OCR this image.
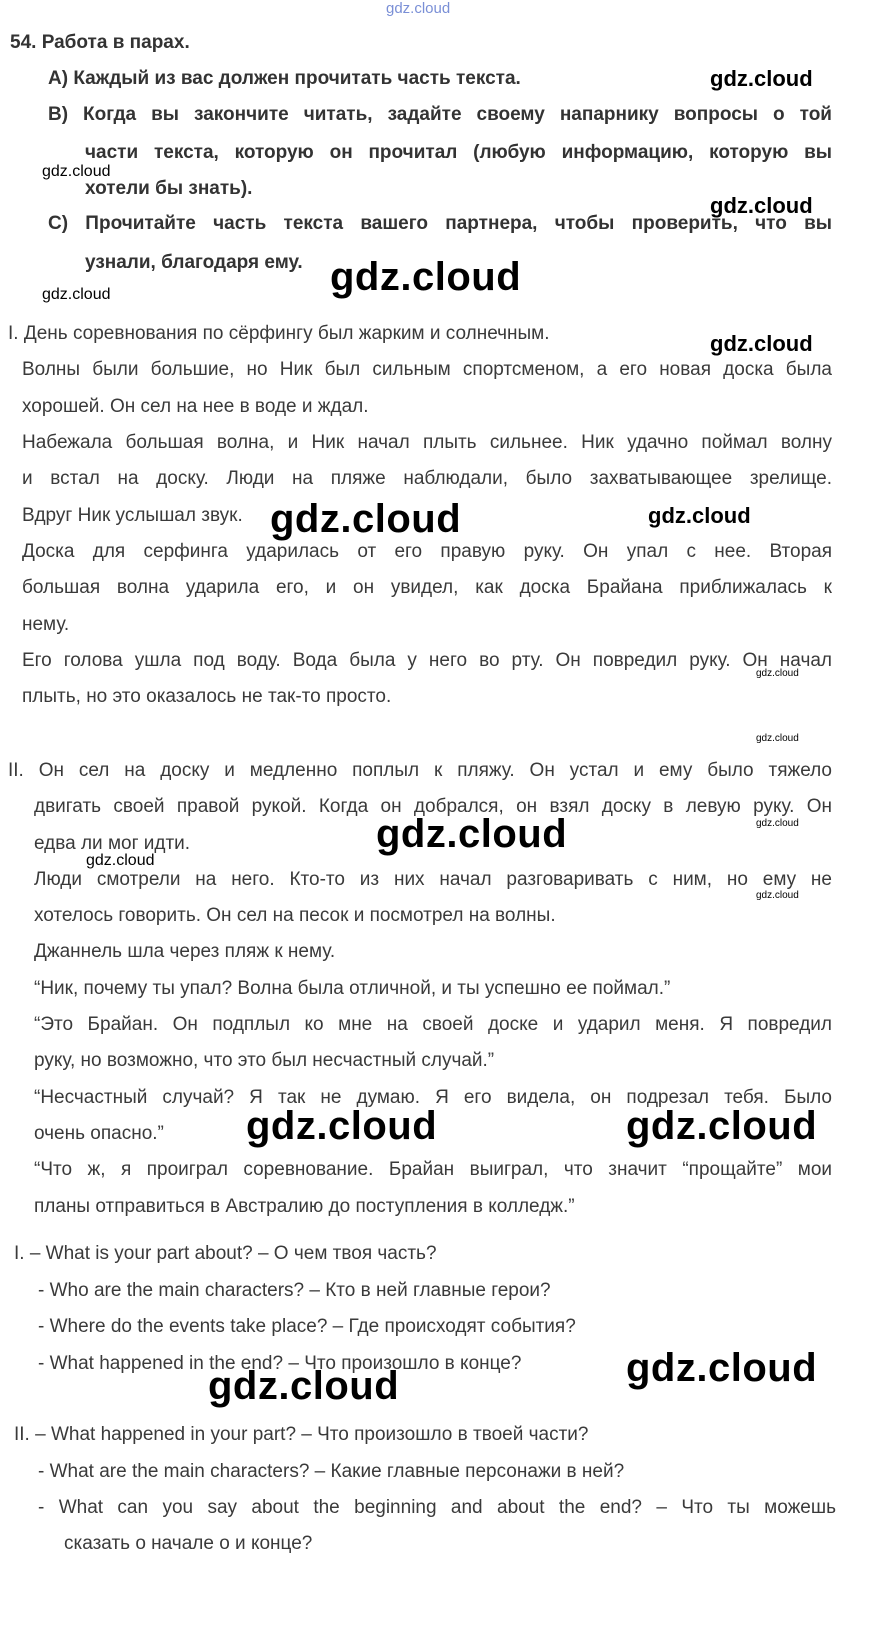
gdz.cloud
54. Работа в парах.
А) Каждый из вас должен прочитать часть текста.
В) Когда вы закончите читать, задайте своему напарнику вопросы о той
части текста, которую он прочитал (любую информацию, которую вы
хотели бы знать).
С) Прочитайте часть текста вашего партнера, чтобы проверить, что вы
узнали, благодаря ему.
I. День соревнования по сёрфингу был жарким и солнечным.
Волны были большие, но Ник был сильным спортсменом, а его новая доска была
хорошей. Он сел на нее в воде и ждал.
Набежала большая волна, и Ник начал плыть сильнее. Ник удачно поймал волну
и встал на доску. Люди на пляже наблюдали, было захватывающее зрелище.
Вдруг Ник услышал звук.
Доска для серфинга ударилась от его правую руку. Он упал с нее. Вторая
большая волна ударила его, и он увидел, как доска Брайана приближалась к
нему.
Его голова ушла под воду. Вода была у него во рту. Он повредил руку. Он начал
плыть, но это оказалось не так-то просто.
II. Он сел на доску и медленно поплыл к пляжу. Он устал и ему было тяжело
двигать своей правой рукой. Когда он добрался, он взял доску в левую руку. Он
едва ли мог идти.
Люди смотрели на него. Кто-то из них начал разговаривать с ним, но ему не
хотелось говорить. Он сел на песок и посмотрел на волны.
Джаннель шла через пляж к нему.
“Ник, почему ты упал? Волна была отличной, и ты успешно ее поймал.”
“Это Брайан. Он подплыл ко мне на своей доске и ударил меня. Я повредил
руку, но возможно, что это был несчастный случай.”
“Несчастный случай? Я так не думаю. Я его видела, он подрезал тебя. Было
очень опасно.”
“Что ж, я проиграл соревнование. Брайан выиграл, что значит “прощайте” мои
планы отправиться в Австралию до поступления в колледж.”
I. – What is your part about? – О чем твоя часть?
- Who are the main characters? – Кто в ней главные герои?
- Where do the events take place? – Где происходят события?
- What happened in the end? – Что произошло в конце?
II. – What happened in your part? – Что произошло в твоей части?
- What are the main characters? – Какие главные персонажи в ней?
- What can you say about the beginning and about the end? – Что ты можешь
сказать о начале о и конце?
gdz.cloud
gdz.cloud
gdz.cloud
gdz.cloud
gdz.cloud
gdz.cloud
gdz.cloud	gdz.cloud
gdz.cloud
gdz.cloud
gdz.cloud
gdz.cloud
gdz.cloud
gdz.cloud
gdz.cloud	gdz.cloud
gdz.cloud
gdz.cloud
